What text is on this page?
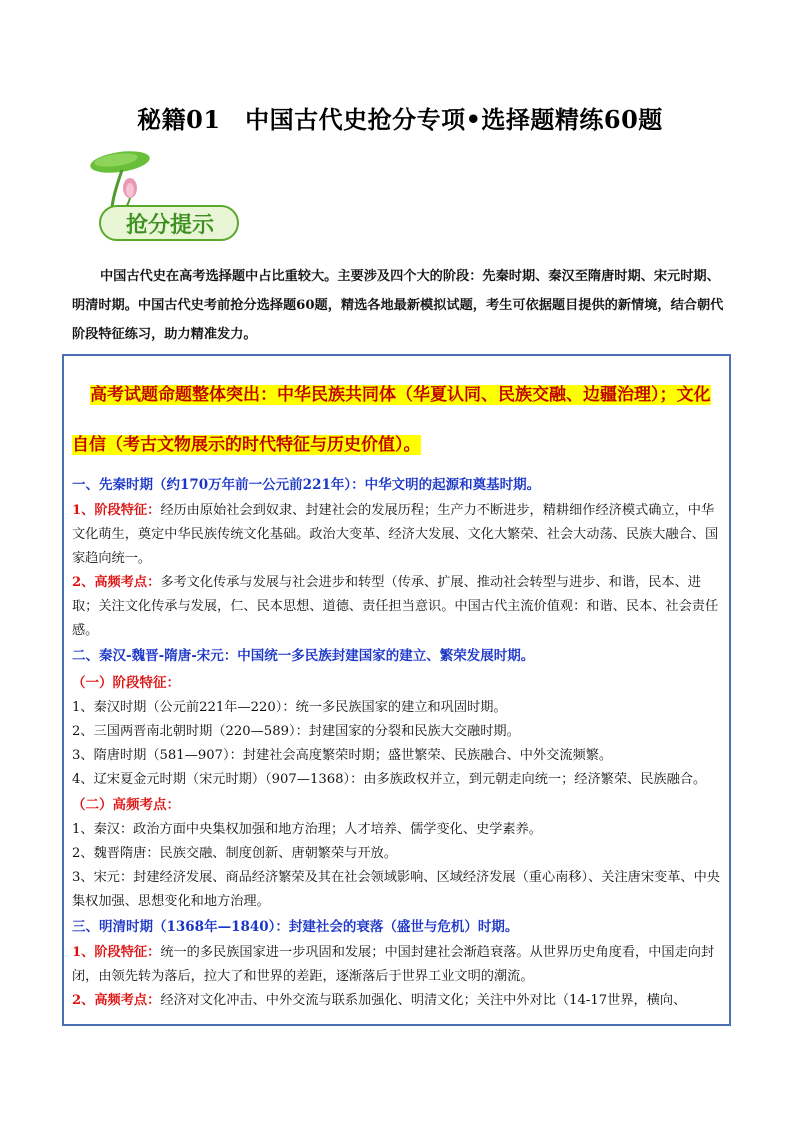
秘籍01　中国古代史抢分专项•选择题精练60题
抢分提示
中国古代史在高考选择题中占比重较大。主要涉及四个大的阶段：先秦时期、秦汉至隋唐时期、宋元时期、明清时期。中国古代史考前抢分选择题60题，精选各地最新模拟试题，考生可依据题目提供的新情境，结合朝代阶段特征练习，助力精准发力。
高考试题命题整体突出：中华民族共同体（华夏认同、民族交融、边疆治理）；文化自信（考古文物展示的时代特征与历史价值）。

一、先秦时期（约170万年前一公元前221年）：中华文明的起源和奠基时期。

1、阶段特征：经历由原始社会到奴隶、封建社会的发展历程；生产力不断进步，精耕细作经济模式确立，中华文化萌生，奠定中华民族传统文化基础。政治大变革、经济大发展、文化大繁荣、社会大动荡、民族大融合、国家趋向统一。

2、高频考点：多考文化传承与发展与社会进步和转型（传承、扩展、推动社会转型与进步、和谐，民本、进取；关注文化传承与发展，仁、民本思想、道德、责任担当意识。中国古代主流价值观：和谐、民本、社会责任感。

二、秦汉-魏晋-隋唐-宋元：中国统一多民族封建国家的建立、繁荣发展时期。

（一）阶段特征：

1、秦汉时期（公元前221年—220）：统一多民族国家的建立和巩固时期。

2、三国两晋南北朝时期（220—589）：封建国家的分裂和民族大交融时期。

3、隋唐时期（581—907）：封建社会高度繁荣时期；盛世繁荣、民族融合、中外交流频繁。

4、辽宋夏金元时期（宋元时期）（907—1368）：由多族政权并立，到元朝走向统一；经济繁荣、民族融合。

（二）高频考点：

1、秦汉：政治方面中央集权加强和地方治理；人才培养、儒学变化、史学素养。

2、魏晋隋唐：民族交融、制度创新、唐朝繁荣与开放。

3、宋元：封建经济发展、商品经济繁荣及其在社会领域影响、区域经济发展（重心南移）、关注唐宋变革、中央集权加强、思想变化和地方治理。

三、明清时期（1368年—1840）：封建社会的衰落（盛世与危机）时期。

1、阶段特征：统一的多民族国家进一步巩固和发展；中国封建社会渐趋衰落。从世界历史角度看，中国走向封闭，由领先转为落后，拉大了和世界的差距，逐渐落后于世界工业文明的潮流。

2、高频考点：经济对文化冲击、中外交流与联系加强化、明清文化；关注中外对比（14-17世界，横向、
